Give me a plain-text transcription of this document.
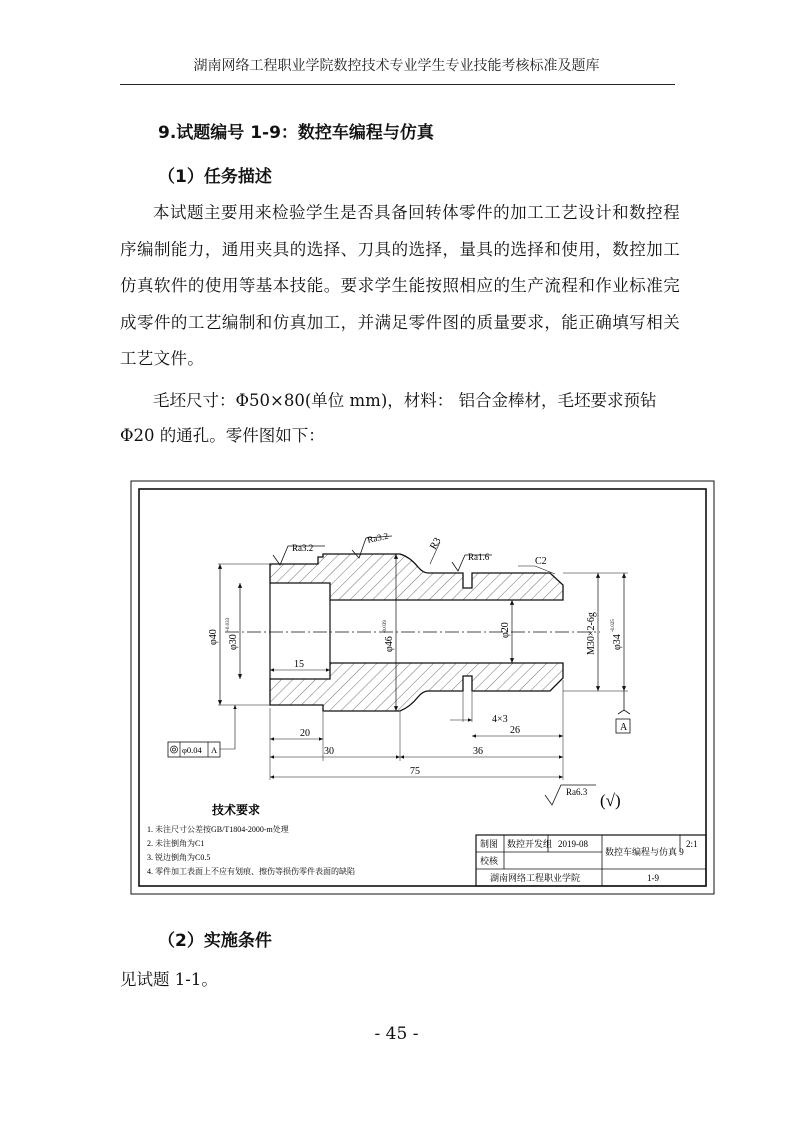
湖南网络工程职业学院数控技术专业学生专业技能考核标准及题库
9.试题编号 1-9：数控车编程与仿真
（1）任务描述
本试题主要用来检验学生是否具备回转体零件的加工工艺设计和数控程序编制能力，通用夹具的选择、刀具的选择，量具的选择和使用，数控加工仿真软件的使用等基本技能。要求学生能按照相应的生产流程和作业标准完成零件的工艺编制和仿真加工，并满足零件图的质量要求，能正确填写相关工艺文件。
毛坯尺寸：Φ50×80(单位 mm)，材料： 铝合金棒材，毛坯要求预钻Φ20 的通孔。零件图如下：
φ40 φ30
+0.033
φ46
-0.039	φ20	M30×2-6g φ34
-0.025
A
15
20
30	36
4×3
26
75
Ra3.2
Ra3.2	R3
Ra1.6	C2
φ0.04 A
Ra6.3 (√)
技术要求
1. 未注尺寸公差按GB/T1804-2000-m处理
2. 未注倒角为C1
3. 锐边倒角为C0.5
4. 零件加工表面上不应有划痕、擦伤等损伤零件表面的缺陷
制图 数控开发组 2019-08
数控车编程与仿真 9
2:1
校核
湖南网络工程职业学院	1-9
（2）实施条件
见试题 1-1。
- 45 -
